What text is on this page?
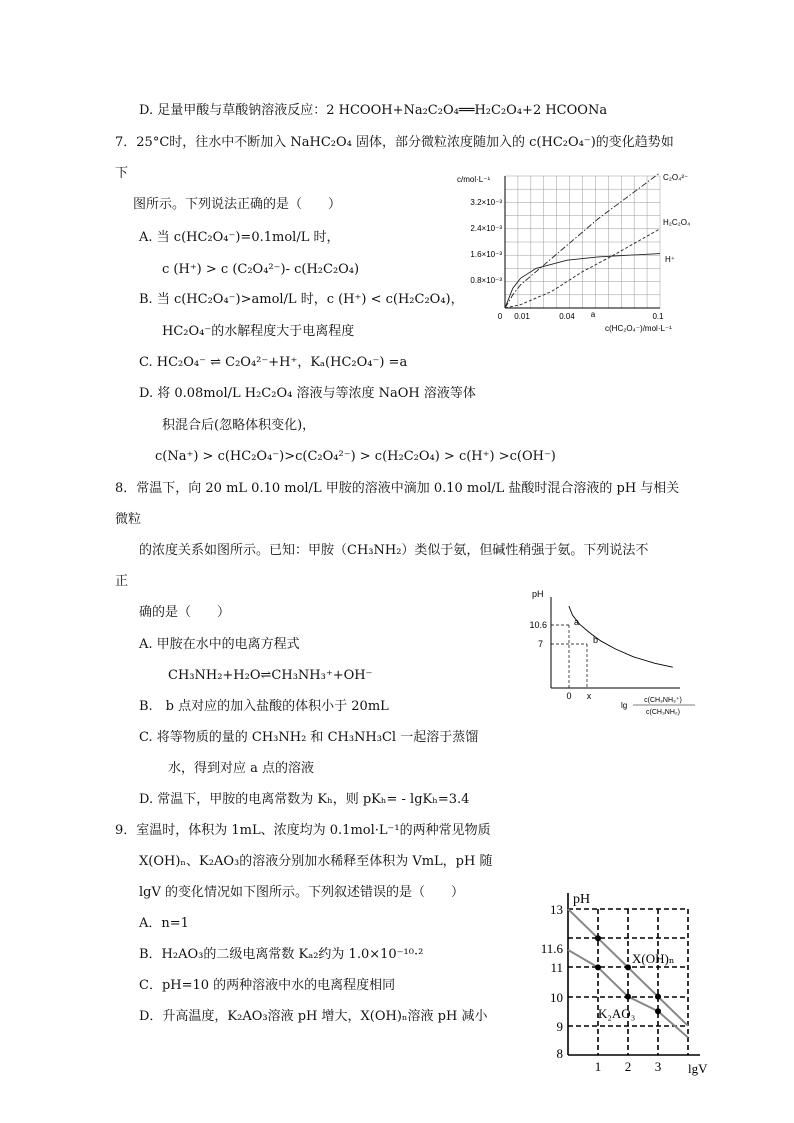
D. 足量甲酸与草酸钠溶液反应：2 HCOOH+Na₂C₂O₄══H₂C₂O₄+2 HCOONa
7．25°C时，往水中不断加入 NaHC₂O₄ 固体，部分微粒浓度随加入的 c(HC₂O₄⁻)的变化趋势如
下
图所示。下列说法正确的是（　　）
A. 当 c(HC₂O₄⁻)=0.1mol/L 时，
c (H⁺) > c (C₂O₄²⁻)- c(H₂C₂O₄)
B. 当 c(HC₂O₄⁻)>amol/L 时，c (H⁺) < c(H₂C₂O₄)，
HC₂O₄⁻的水解程度大于电离程度
C. HC₂O₄⁻ ⇌ C₂O₄²⁻+H⁺，Kₐ(HC₂O₄⁻) =a
D. 将 0.08mol/L H₂C₂O₄ 溶液与等浓度 NaOH 溶液等体
积混合后(忽略体积变化)，
c(Na⁺) > c(HC₂O₄⁻)>c(C₂O₄²⁻) > c(H₂C₂O₄) > c(H⁺) >c(OH⁻)
c/mol·L⁻¹
0.8×10⁻³
1.6×10⁻³
2.4×10⁻³
3.2×10⁻³
0 0.01	0.04 a	0.1
c(HC₂O₄⁻)/mol·L⁻¹
C₂O₄²⁻
H₂C₂O₄
H⁺
8．常温下，向 20 mL 0.10 mol/L 甲胺的溶液中滴加 0.10 mol/L 盐酸时混合溶液的 pH 与相关
微粒
的浓度关系如图所示。已知：甲胺（CH₃NH₂）类似于氨，但碱性稍强于氨。下列说法不
正
确的是（　　）
A. 甲胺在水中的电离方程式
CH₃NH₂+H₂O⇌CH₃NH₃⁺+OH⁻
B.　b 点对应的加入盐酸的体积小于 20mL
C. 将等物质的量的 CH₃NH₂ 和 CH₃NH₃Cl 一起溶于蒸馏
水，得到对应 a 点的溶液
D. 常温下，甲胺的电离常数为 Kₕ，则 pKₕ= - lgKₕ=3.4
pH
10.6
7
0 x
a
b
lg
c(CH₃NH₃⁺)
c(CH₃NH₂)
9．室温时，体积为 1mL、浓度均为 0.1mol·L⁻¹的两种常见物质
X(OH)ₙ、K₂AO₃的溶液分别加水稀释至体积为 VmL，pH 随
lgV 的变化情况如下图所示。下列叙述错误的是（　　）
A．n=1
B．H₂AO₃的二级电离常数 Kₐ₂约为 1.0×10⁻¹⁰·²
C．pH=10 的两种溶液中水的电离程度相同
D．升高温度，K₂AO₃溶液 pH 增大，X(OH)ₙ溶液 pH 减小
pH
13
11.6
11
10
9
8
1 2 3 lgV
X(OH)ₙ
K₂AO₃
